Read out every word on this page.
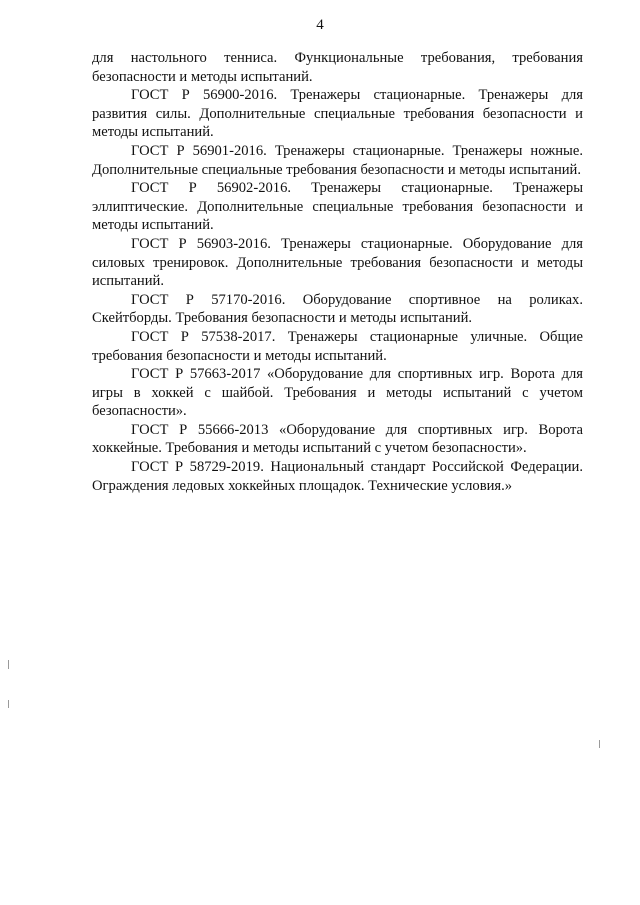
4

для настольного тенниса. Функциональные требования, требования безопасности и методы испытаний.

ГОСТ Р 56900-2016. Тренажеры стационарные. Тренажеры для развития силы. Дополнительные специальные требования безопасности и методы испытаний.

ГОСТ Р 56901-2016. Тренажеры стационарные. Тренажеры ножные. Дополнительные специальные требования безопасности и методы испытаний.

ГОСТ Р 56902-2016. Тренажеры стационарные. Тренажеры эллиптические. Дополнительные специальные требования безопасности и методы испытаний.

ГОСТ Р 56903-2016. Тренажеры стационарные. Оборудование для силовых тренировок. Дополнительные требования безопасности и методы испытаний.

ГОСТ Р 57170-2016. Оборудование спортивное на роликах. Скейтборды. Требования безопасности и методы испытаний.

ГОСТ Р 57538-2017. Тренажеры стационарные уличные. Общие требования безопасности и методы испытаний.

ГОСТ Р 57663-2017 «Оборудование для спортивных игр. Ворота для игры в хоккей с шайбой. Требования и методы испытаний с учетом безопасности».

ГОСТ Р 55666-2013 «Оборудование для спортивных игр. Ворота хоккейные. Требования и методы испытаний с учетом безопасности».

ГОСТ Р 58729-2019. Национальный стандарт Российской Федерации. Ограждения ледовых хоккейных площадок. Технические условия.»
